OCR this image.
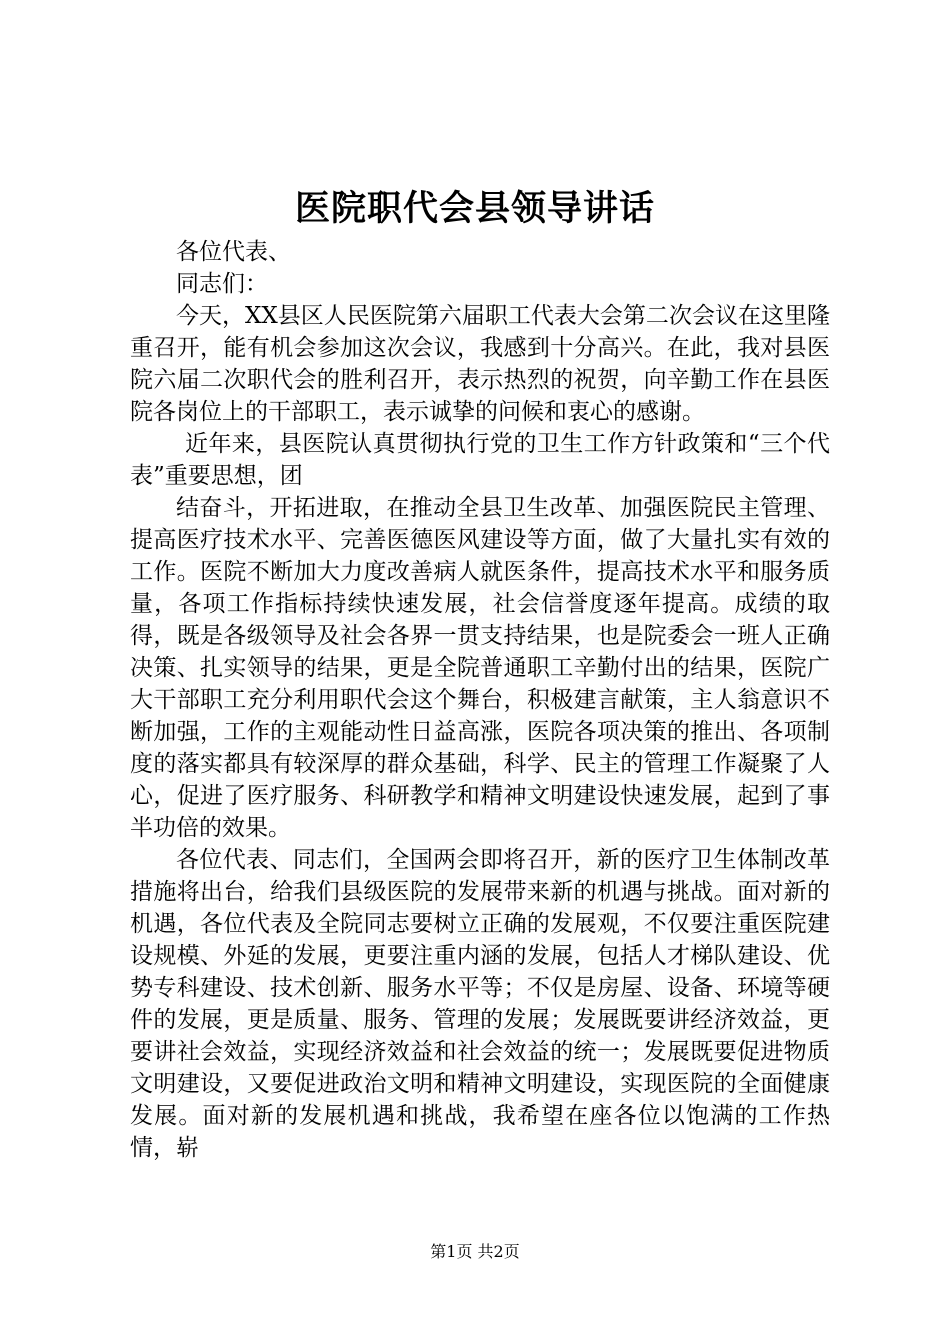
医院职代会县领导讲话

各位代表、

同志们：

今天，XX县区人民医院第六届职工代表大会第二次会议在这里隆重召开，能有机会参加这次会议，我感到十分高兴。在此，我对县医院六届二次职代会的胜利召开，表示热烈的祝贺，向辛勤工作在县医院各岗位上的干部职工，表示诚挚的问候和衷心的感谢。

近年来，县医院认真贯彻执行党的卫生工作方针政策和“三个代表”重要思想，团

结奋斗，开拓进取，在推动全县卫生改革、加强医院民主管理、提高医疗技术水平、完善医德医风建设等方面，做了大量扎实有效的工作。医院不断加大力度改善病人就医条件，提高技术水平和服务质量，各项工作指标持续快速发展，社会信誉度逐年提高。成绩的取得，既是各级领导及社会各界一贯支持结果，也是院委会一班人正确决策、扎实领导的结果，更是全院普通职工辛勤付出的结果，医院广大干部职工充分利用职代会这个舞台，积极建言献策，主人翁意识不断加强，工作的主观能动性日益高涨，医院各项决策的推出、各项制度的落实都具有较深厚的群众基础，科学、民主的管理工作凝聚了人心，促进了医疗服务、科研教学和精神文明建设快速发展，起到了事半功倍的效果。

各位代表、同志们，全国两会即将召开，新的医疗卫生体制改革措施将出台，给我们县级医院的发展带来新的机遇与挑战。面对新的机遇，各位代表及全院同志要树立正确的发展观，不仅要注重医院建设规模、外延的发展，更要注重内涵的发展，包括人才梯队建设、优势专科建设、技术创新、服务水平等；不仅是房屋、设备、环境等硬件的发展，更是质量、服务、管理的发展；发展既要讲经济效益，更要讲社会效益，实现经济效益和社会效益的统一；发展既要促进物质文明建设，又要促进政治文明和精神文明建设，实现医院的全面健康发展。面对新的发展机遇和挑战，我希望在座各位以饱满的工作热情，崭

第1页 共2页
